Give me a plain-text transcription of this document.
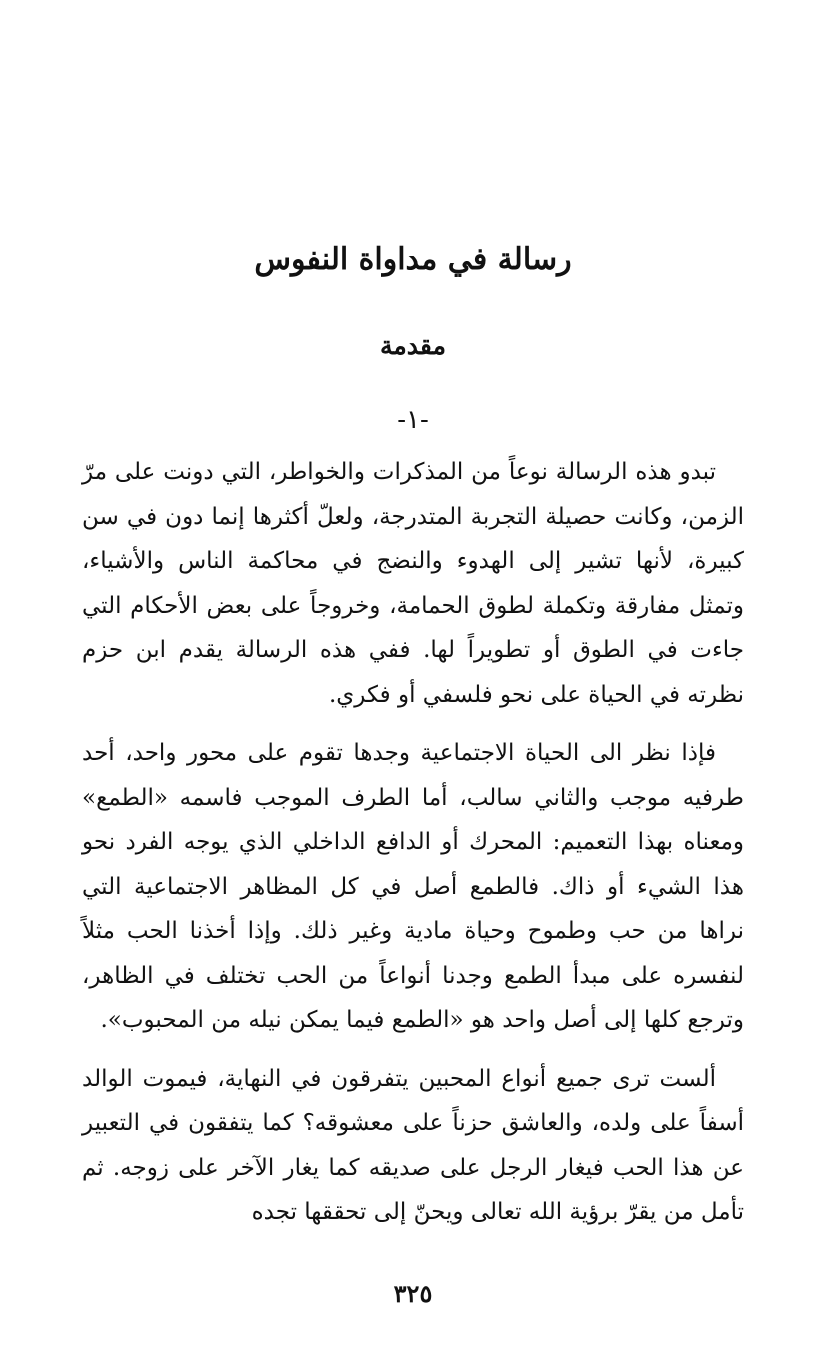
رسالة في مداواة النفوس
مقدمة
-١-

تبدو هذه الرسالة نوعاً من المذكرات والخواطر، التي دونت على مرّ الزمن، وكانت حصيلة التجربة المتدرجة، ولعلّ أكثرها إنما دون في سن كبيرة، لأنها تشير إلى الهدوء والنضج في محاكمة الناس والأشياء، وتمثل مفارقة وتكملة لطوق الحمامة، وخروجاً على بعض الأحكام التي جاءت في الطوق أو تطويراً لها. ففي هذه الرسالة يقدم ابن حزم نظرته في الحياة على نحو فلسفي أو فكري.

فإذا نظر الى الحياة الاجتماعية وجدها تقوم على محور واحد، أحد طرفيه موجب والثاني سالب، أما الطرف الموجب فاسمه «الطمع» ومعناه بهذا التعميم: المحرك أو الدافع الداخلي الذي يوجه الفرد نحو هذا الشيء أو ذاك. فالطمع أصل في كل المظاهر الاجتماعية التي نراها من حب وطموح وحياة مادية وغير ذلك. وإذا أخذنا الحب مثلاً لنفسره على مبدأ الطمع وجدنا أنواعاً من الحب تختلف في الظاهر، وترجع كلها إلى أصل واحد هو «الطمع فيما يمكن نيله من المحبوب».

ألست ترى جميع أنواع المحبين يتفرقون في النهاية، فيموت الوالد أسفاً على ولده، والعاشق حزناً على معشوقه؟ كما يتفقون في التعبير عن هذا الحب فيغار الرجل على صديقه كما يغار الآخر على زوجه. ثم تأمل من يقرّ برؤية الله تعالى ويحنّ إلى تحققها تجده

٣٢٥
